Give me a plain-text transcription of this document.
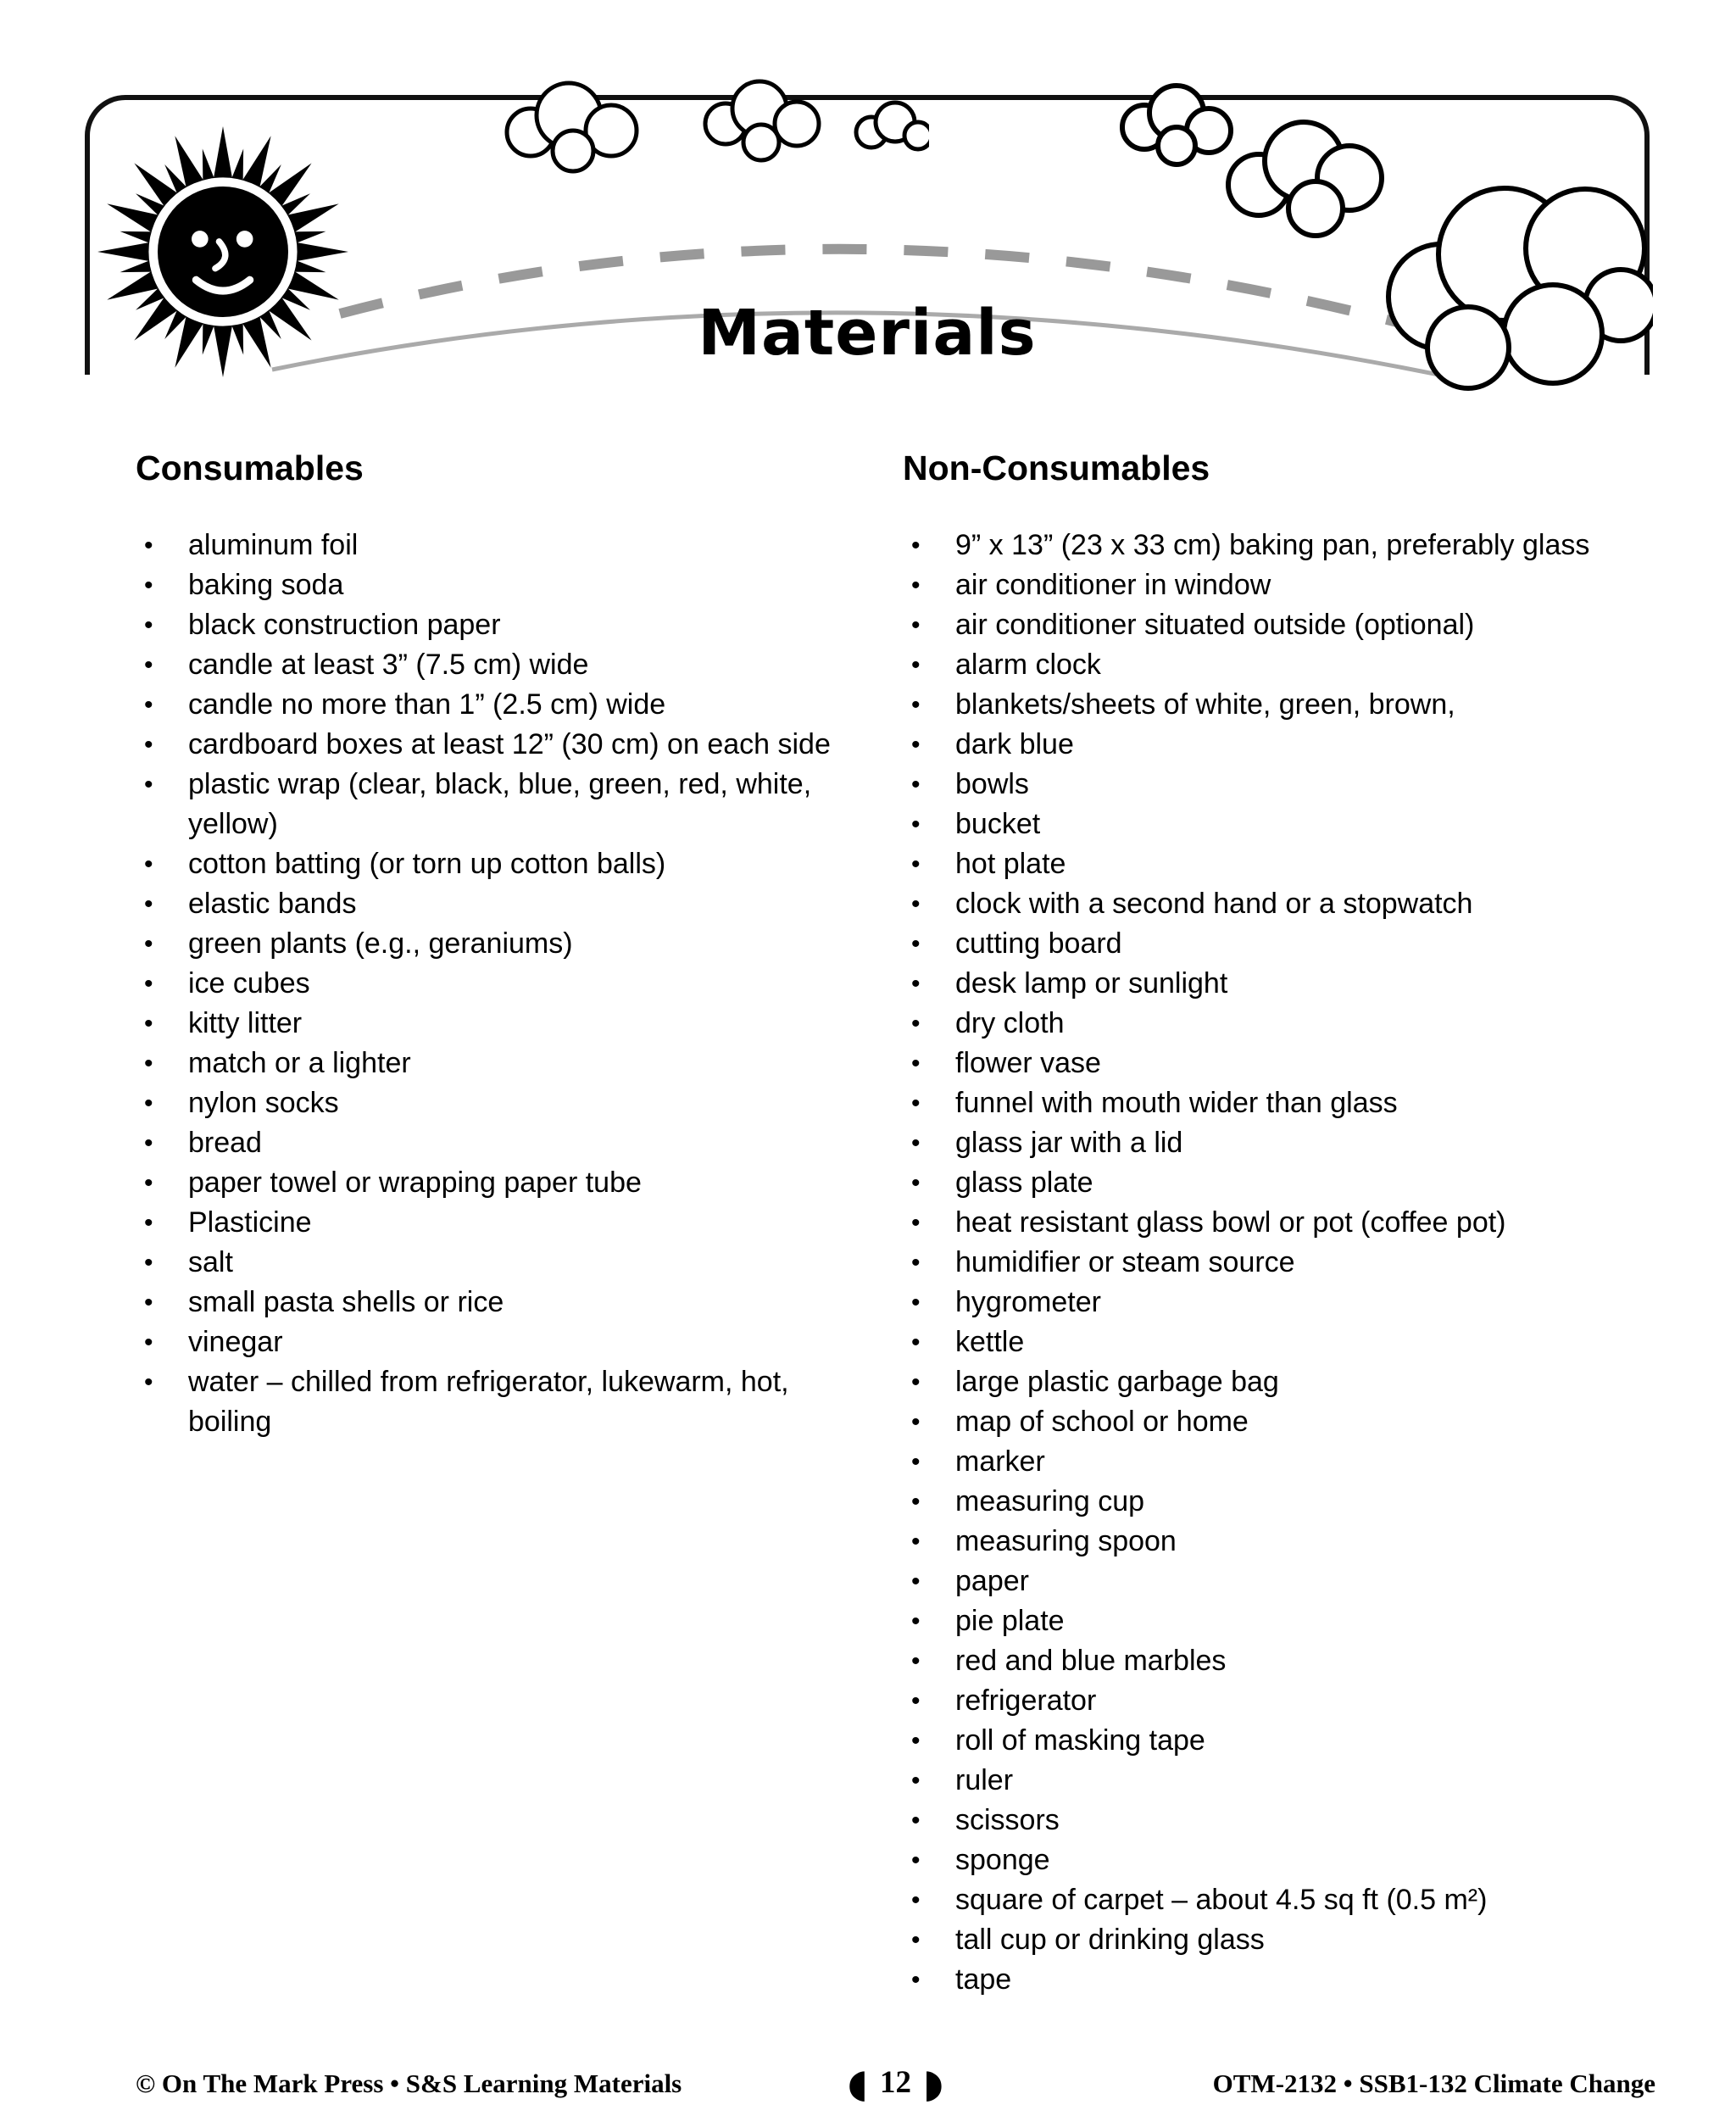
Materials
Consumables
• aluminum foil
• baking soda
• black construction paper
• candle at least 3” (7.5 cm) wide
• candle no more than 1” (2.5 cm) wide
• cardboard boxes at least 12” (30 cm) on each side
• plastic wrap (clear, black, blue, green, red, white, yellow)
• cotton batting (or torn up cotton balls)
• elastic bands
• green plants (e.g., geraniums)
• ice cubes
• kitty litter
• match or a lighter
• nylon socks
• bread
• paper towel or wrapping paper tube
• Plasticine
• salt
• small pasta shells or rice
• vinegar
• water – chilled from refrigerator, lukewarm, hot, boiling
Non-Consumables
• 9” x 13” (23 x 33 cm) baking pan, preferably glass
• air conditioner in window
• air conditioner situated outside (optional)
• alarm clock
• blankets/sheets of white, green, brown,
• dark blue
• bowls
• bucket
• hot plate
• clock with a second hand or a stopwatch
• cutting board
• desk lamp or sunlight
• dry cloth
• flower vase
• funnel with mouth wider than glass
• glass jar with a lid
• glass plate
• heat resistant glass bowl or pot (coffee pot)
• humidifier or steam source
• hygrometer
• kettle
• large plastic garbage bag
• map of school or home
• marker
• measuring cup
• measuring spoon
• paper
• pie plate
• red and blue marbles
• refrigerator
• roll of masking tape
• ruler
• scissors
• sponge
• square of carpet – about 4.5 sq ft (0.5 m²)
• tall cup or drinking glass
• tape
© On The Mark Press • S&S Learning Materials	◖ 12 ◗	OTM-2132 • SSB1-132 Climate Change
